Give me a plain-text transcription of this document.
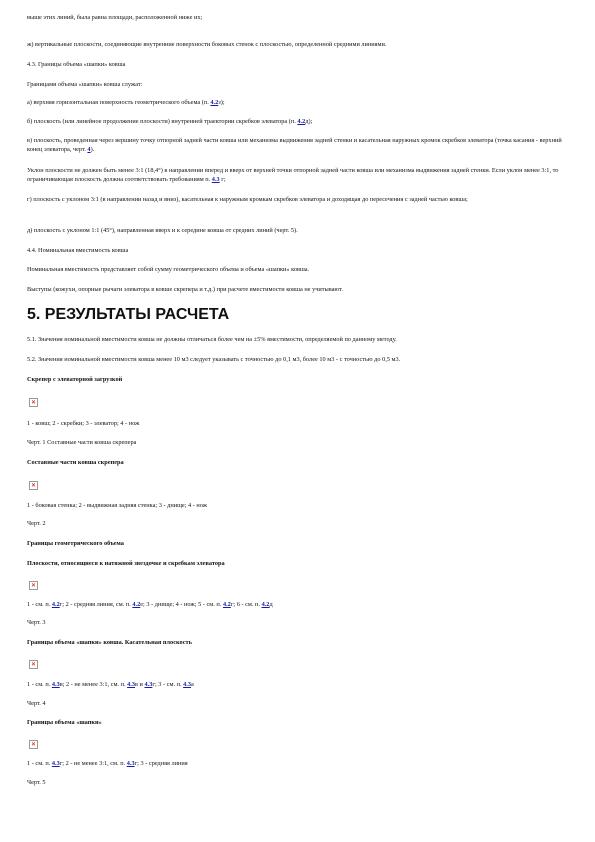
выше этих линий, была равна площади, расположенной ниже их;
ж) вертикальные плоскости, соединяющие внутренние поверхности боковых стенок с плоскостью, определенной средними линиями.
4.3. Границы объема «шапки» ковша
Границами объема «шапки» ковша служат:
а) верхняя горизонтальная поверхность геометрического объема (п. 4.2з);
б) плоскость (или линейное продолжение плоскости) внутренней траектории скребков элеватора (п. 4.2д);
в) плоскость, проведенная через вершину точку отпорной задней части ковша или механизма выдвижения задней стенки и касательная наружных кромок скребков элеватора (точка касания - верхний конец элеватора, черт. 4).
Уклон плоскости не должен быть менее 3:1 (18,4°) в направлении вперед и вверх от верхней точки отпорной задней части ковша или механизма выдвижения задней стенки. Если уклон менее 3:1, то ограничивающая плоскость должна соответствовать требованиям п. 4.3 г;
г) плоскость с уклоном 3:1 (в направлении назад и вниз), касательная к наружным кромкам скребков элеватора и доходящая до пересечения с задней частью ковша;
д) плоскость с уклоном 1:1 (45°), направленная вверх и к середине ковша от средних линий (черт. 5).
4.4. Номинальная вместимость ковша
Номинальная вместимость представляет собой сумму геометрического объема и объема «шапки» ковша.
Выступы (кожухи, опорные рычаги элеватора в ковше скрепера и т.д.) при расчете вместимости ковша не учитывают.
5. РЕЗУЛЬТАТЫ РАСЧЕТА
5.1. Значения номинальной вместимости ковша не должны отличаться более чем на ±5% вместимости, определяемой по данному методу.
5.2. Значения номинальной вместимости ковша менее 10 м3 следует указывать с точностью до 0,1 м3, более 10 м3 - с точностью до 0,5 м3.
Скрепер с элеваторной загрузкой
✕
1 - ковш; 2 - скребки; 3 - элеватор; 4 - нож
Черт. 1 Составные части ковша скрепера
Составные части ковша скрепера
✕
1 - боковая стенка; 2 - выдвижная задняя стенка; 3 - днище; 4 - нож
Черт. 2
Границы геометрического объема
Плоскости, относящиеся к натяжной звездочке и скребкам элеватора
✕
1 - см. п. 4.2г; 2 - средняя линия, см. п. 4.2е; 3 - днище; 4 - нож; 5 - см. п. 4.2г; 6 - см. п. 4.2д
Черт. 3
Границы объема «шапки» ковша. Касательная плоскость
✕
1 - см. п. 4.3в; 2 - не менее 3:1, см. п. 4.3в и 4.3г; 3 - см. п. 4.3а
Черт. 4
Границы объема «шапки»
✕
1 - см. п. 4.3г; 2 - не менее 3:1, см. п. 4.3г; 3 - средняя линия
Черт. 5
